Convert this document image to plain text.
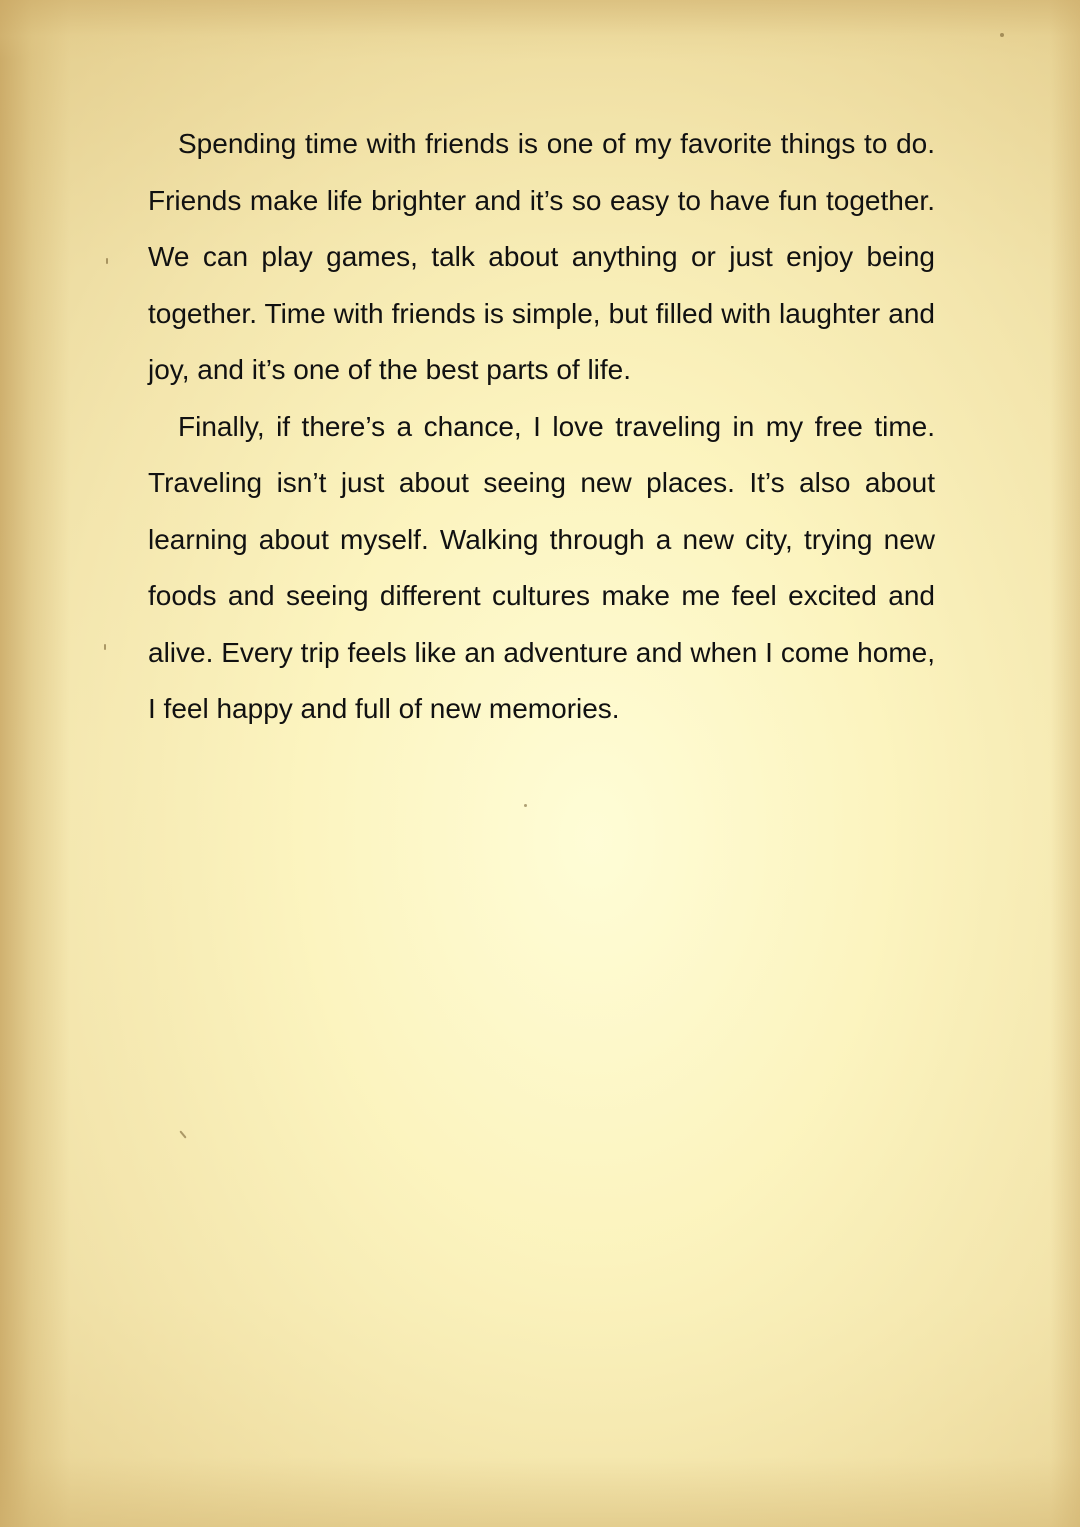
Spending time with friends is one of my favorite things to do. Friends make life brighter and it’s so easy to have fun together. We can play games, talk about anything or just enjoy being together. Time with friends is simple, but filled with laughter and joy, and it’s one of the best parts of life.

Finally, if there’s a chance, I love traveling in my free time. Traveling isn’t just about seeing new places. It’s also about learning about myself. Walking through a new city, trying new foods and seeing different cultures make me feel excited and alive. Every trip feels like an adventure and when I come home, I feel happy and full of new memories.
